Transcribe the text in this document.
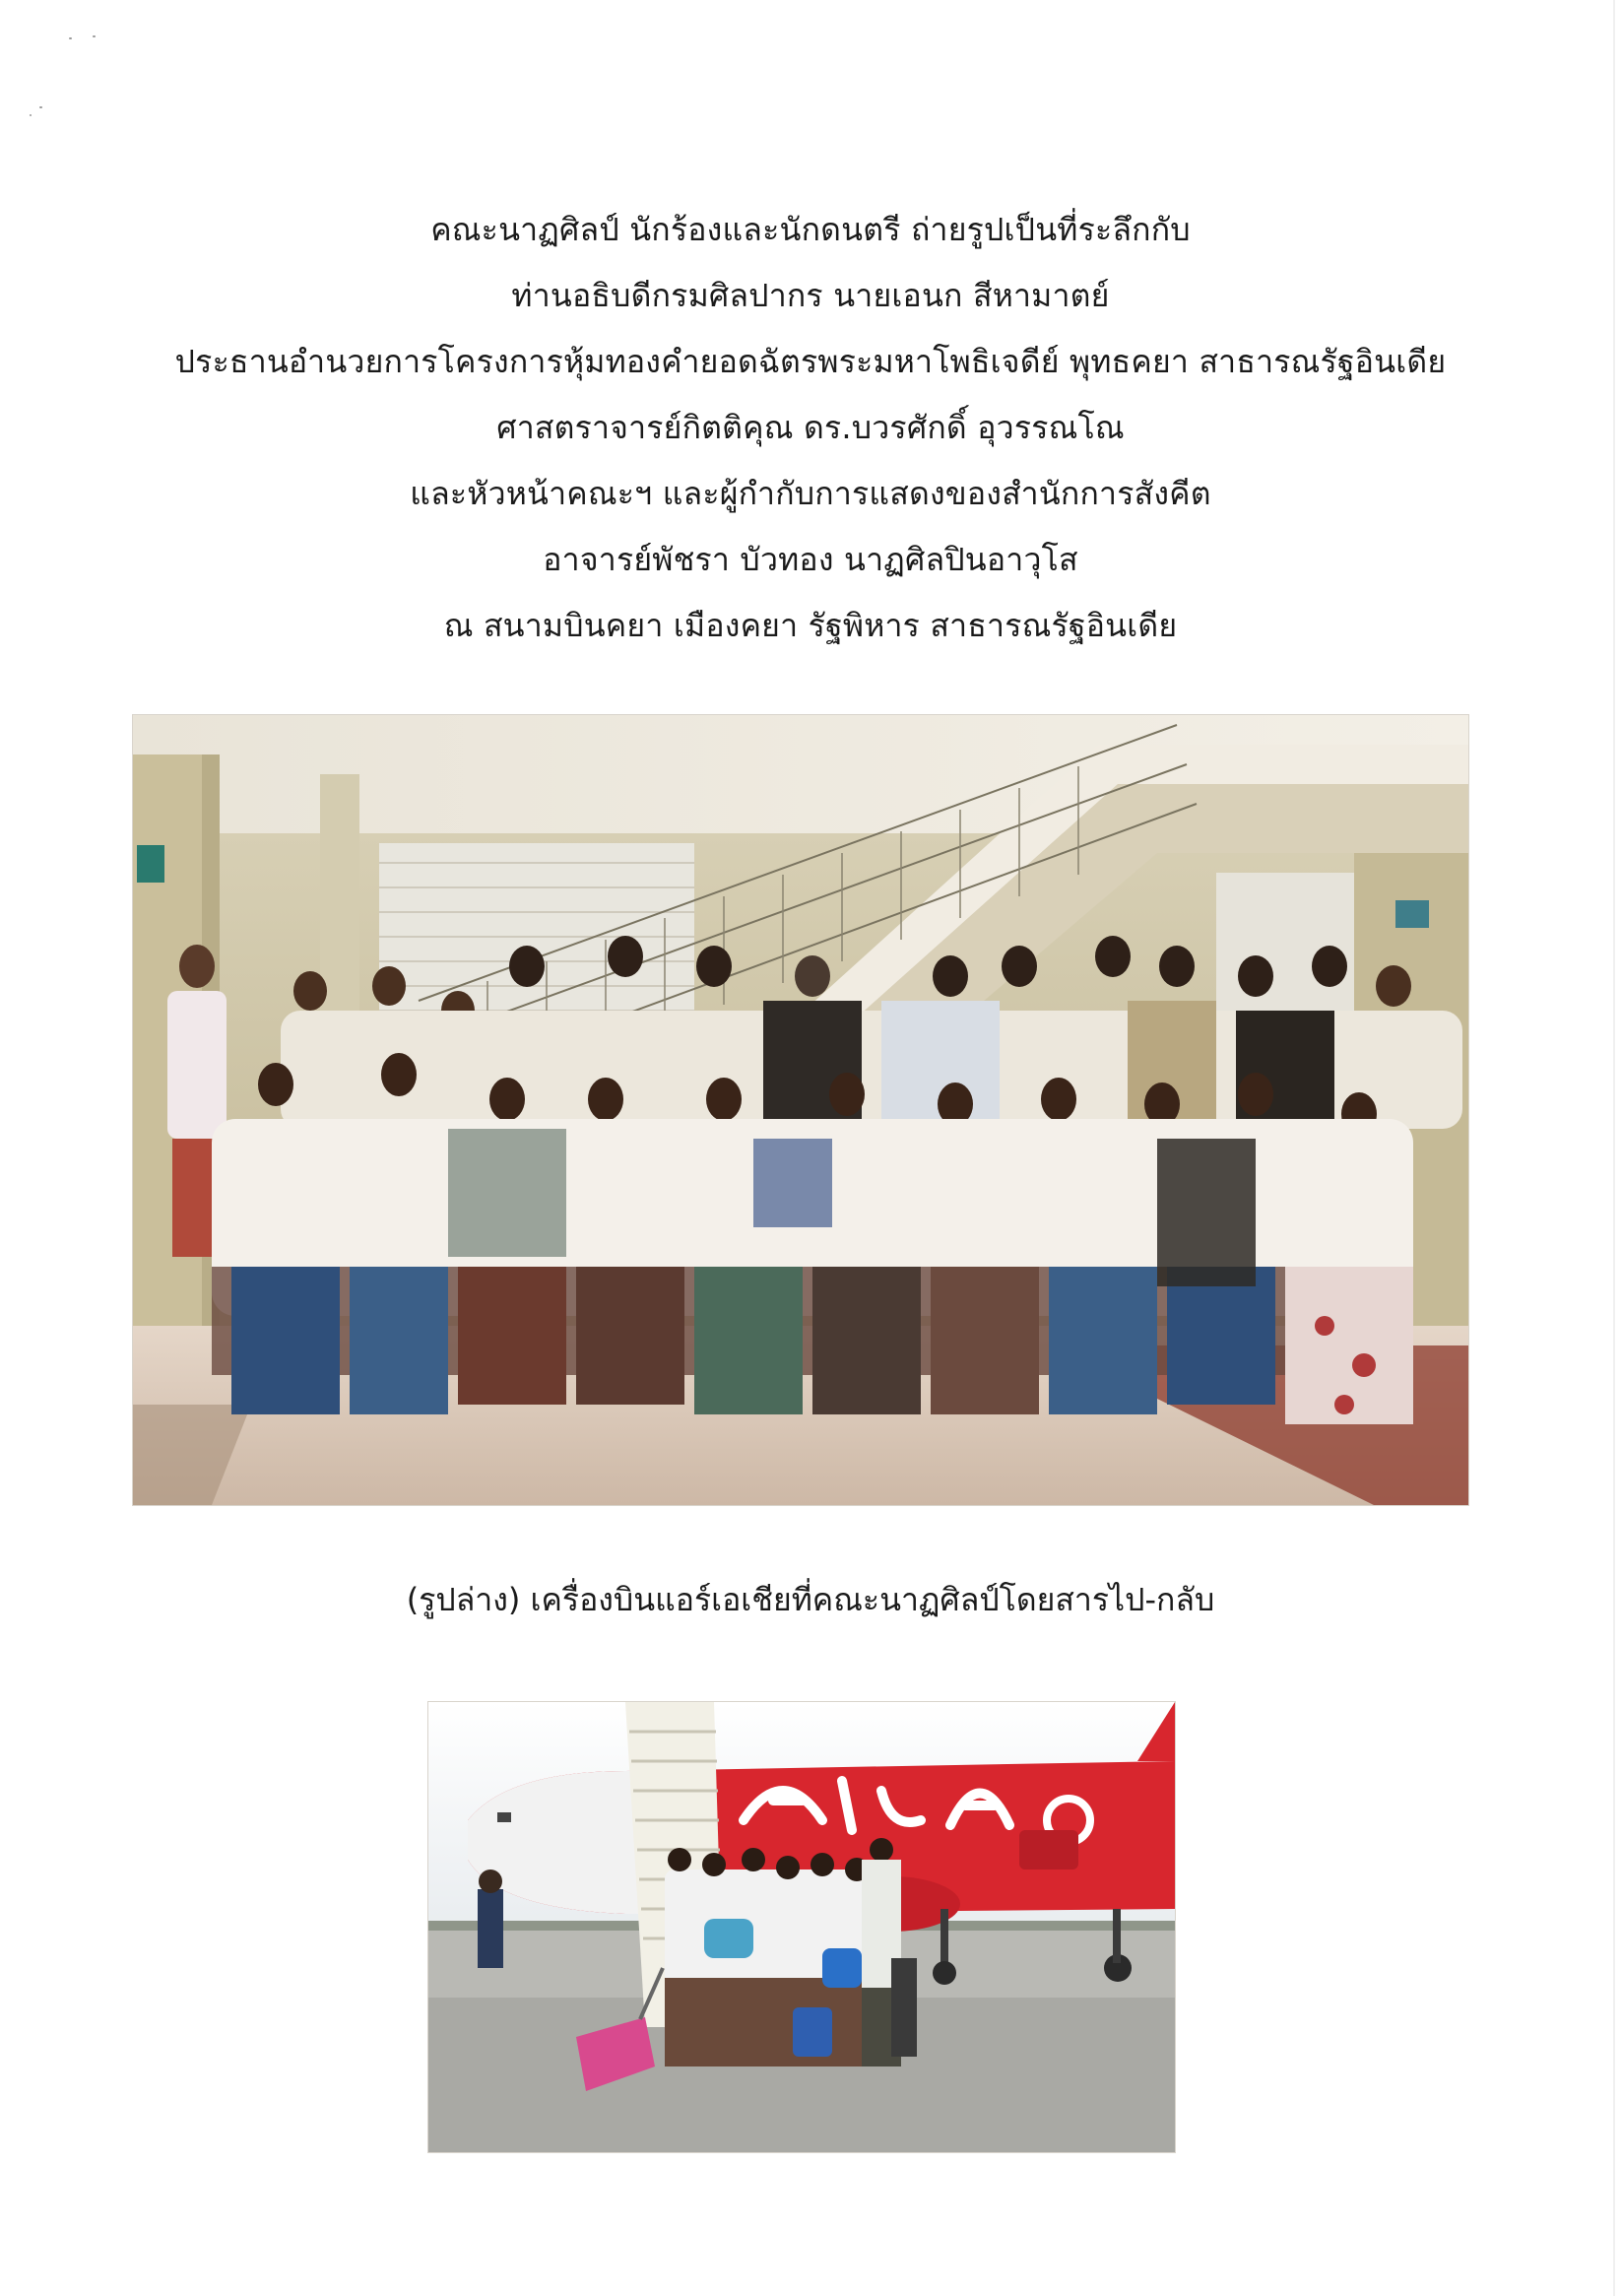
คณะนาฏศิลป์ นักร้องและนักดนตรี ถ่ายรูปเป็นที่ระลึกกับ
ท่านอธิบดีกรมศิลปากร นายเอนก สีหามาตย์
ประธานอำนวยการโครงการหุ้มทองคำยอดฉัตรพระมหาโพธิเจดีย์ พุทธคยา สาธารณรัฐอินเดีย
ศาสตราจารย์กิตติคุณ ดร.บวรศักดิ์ อุวรรณโณ
และหัวหน้าคณะฯ และผู้กำกับการแสดงของสำนักการสังคีต
อาจารย์พัชรา บัวทอง นาฏศิลปินอาวุโส
ณ สนามบินคยา เมืองคยา รัฐพิหาร สาธารณรัฐอินเดีย
(รูปล่าง) เครื่องบินแอร์เอเชียที่คณะนาฏศิลป์โดยสารไป-กลับ
